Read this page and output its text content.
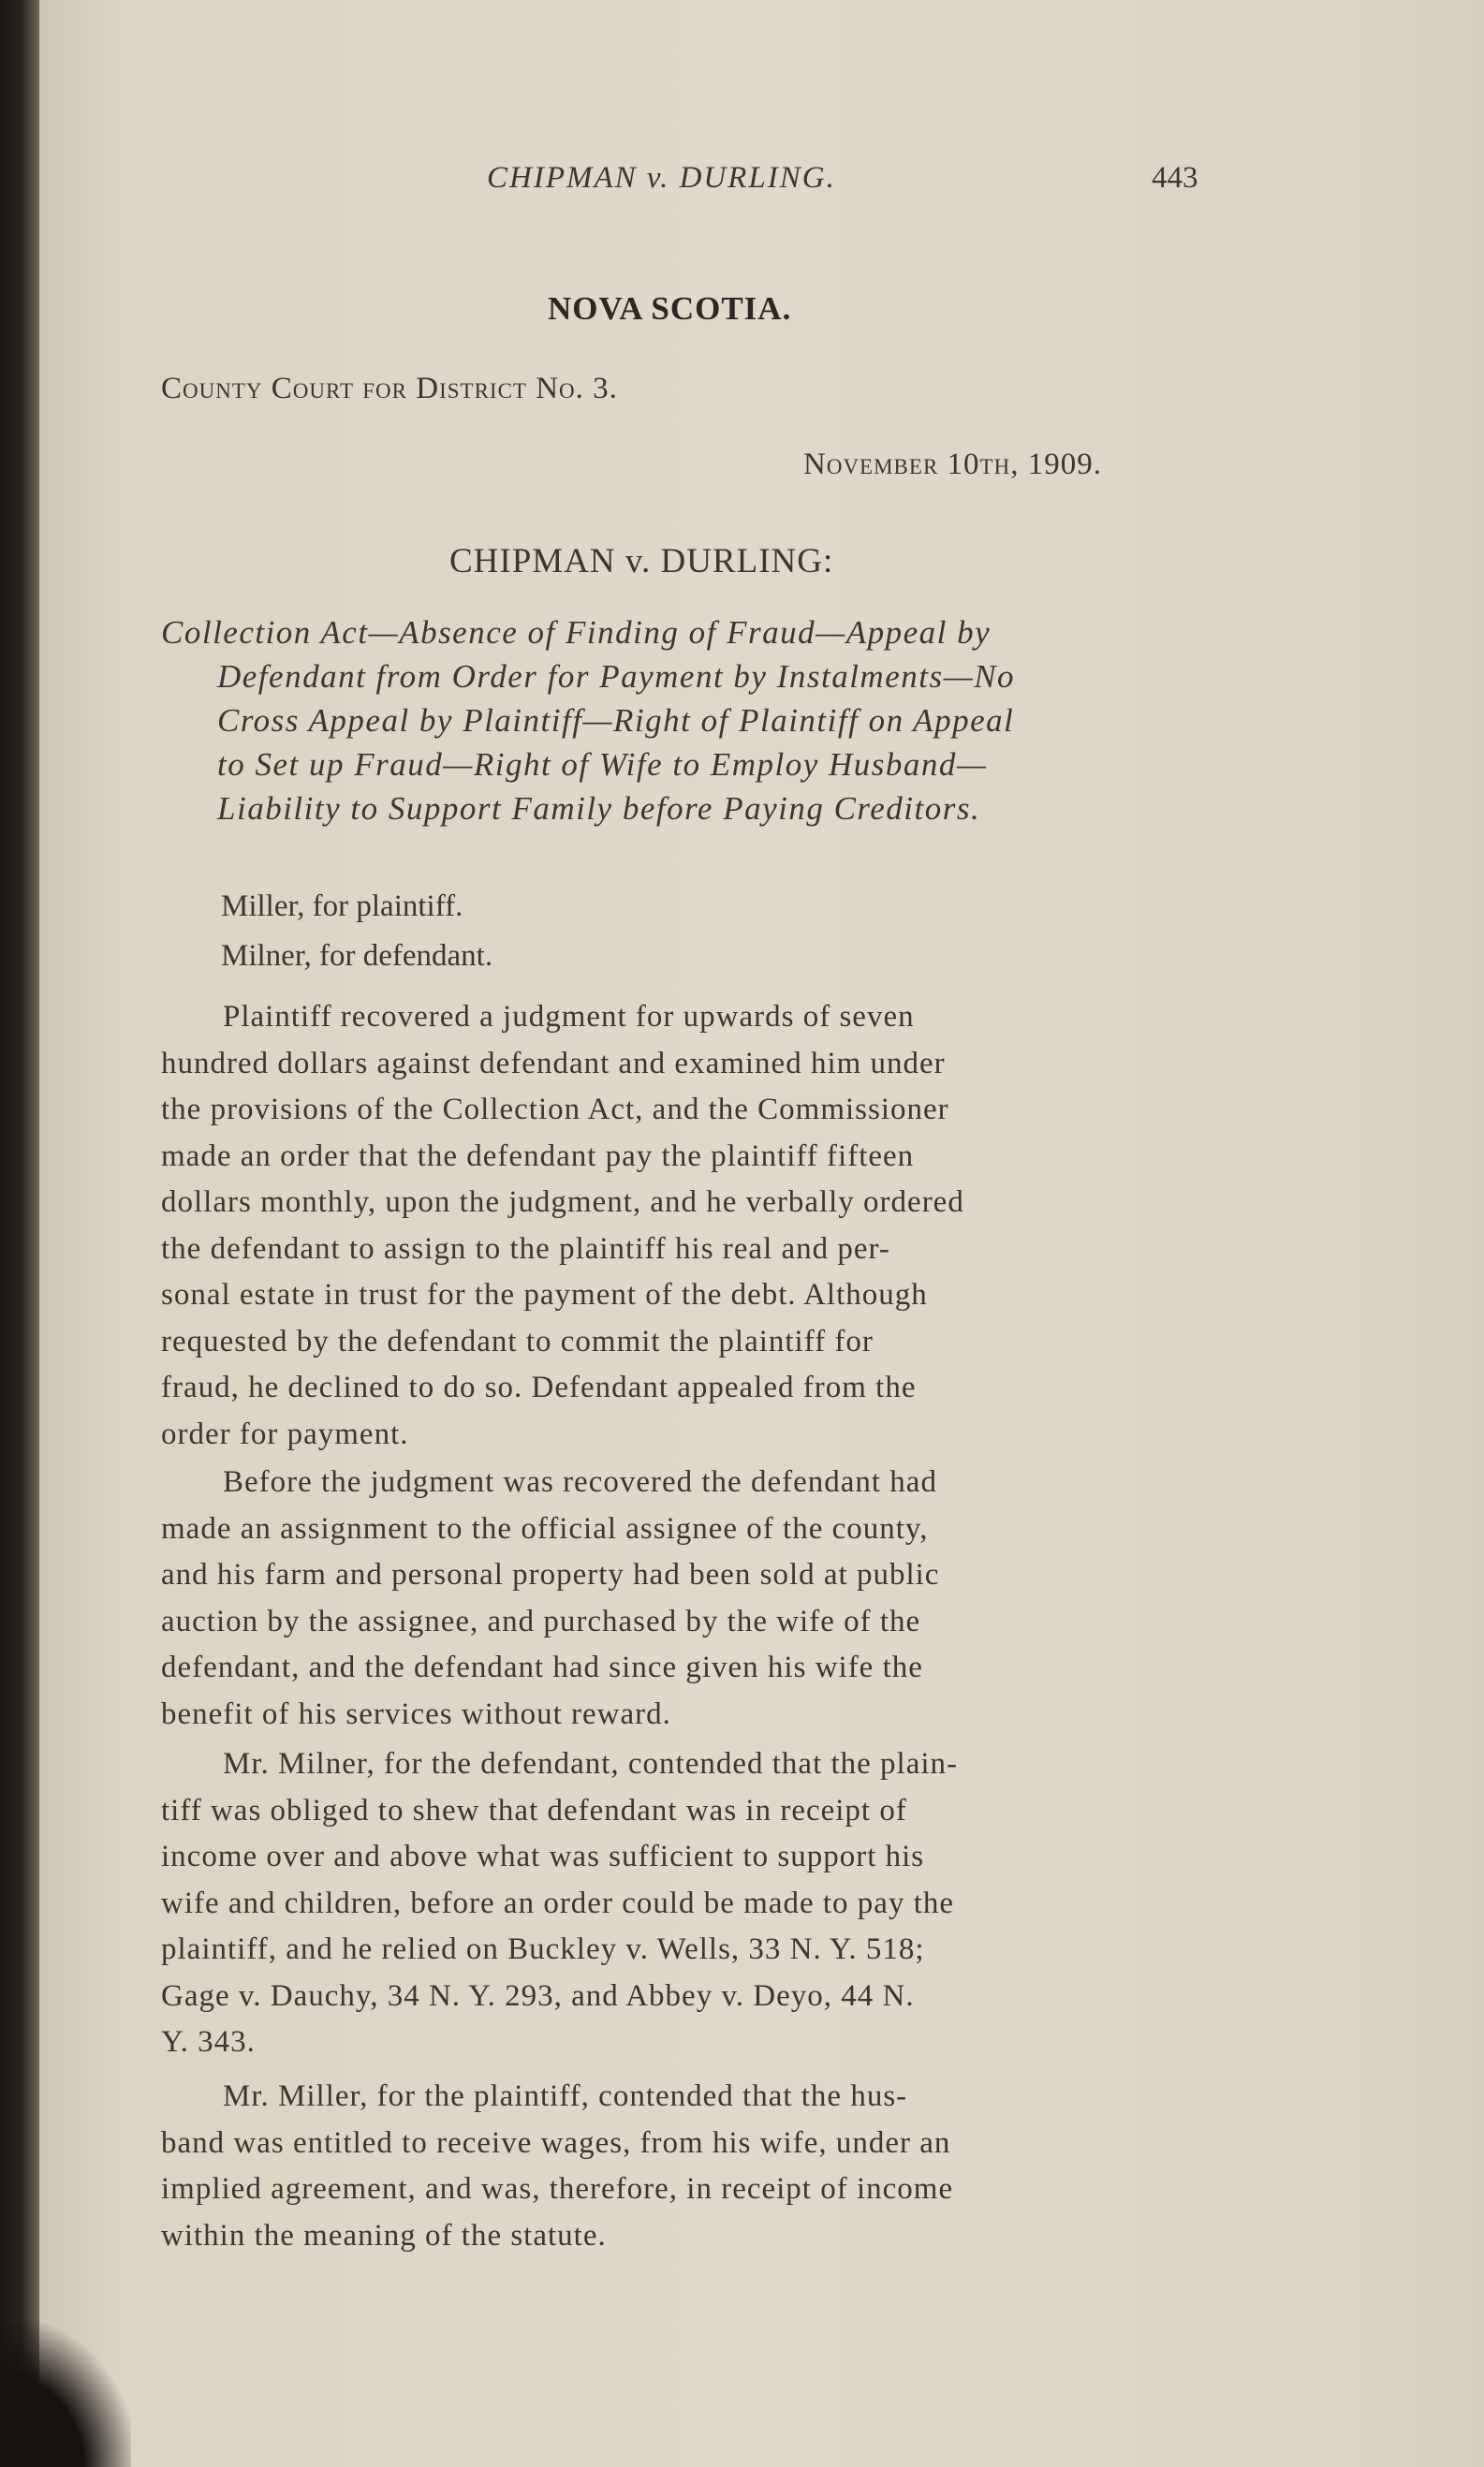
CHIPMAN v. DURLING.	443
NOVA SCOTIA.
County Court for District No. 3.
November 10th, 1909.
CHIPMAN v. DURLING:
Collection Act—Absence of Finding of Fraud—Appeal by
Defendant from Order for Payment by Instalments—No
Cross Appeal by Plaintiff—Right of Plaintiff on Appeal
to Set up Fraud—Right of Wife to Employ Husband—
Liability to Support Family before Paying Creditors.
Miller, for plaintiff.
Milner, for defendant.
Plaintiff recovered a judgment for upwards of seven
hundred dollars against defendant and examined him under
the provisions of the Collection Act, and the Commissioner
made an order that the defendant pay the plaintiff fifteen
dollars monthly, upon the judgment, and he verbally ordered
the defendant to assign to the plaintiff his real and per-
sonal estate in trust for the payment of the debt. Although
requested by the defendant to commit the plaintiff for
fraud, he declined to do so. Defendant appealed from the
order for payment.
Before the judgment was recovered the defendant had
made an assignment to the official assignee of the county,
and his farm and personal property had been sold at public
auction by the assignee, and purchased by the wife of the
defendant, and the defendant had since given his wife the
benefit of his services without reward.
Mr. Milner, for the defendant, contended that the plain-
tiff was obliged to shew that defendant was in receipt of
income over and above what was sufficient to support his
wife and children, before an order could be made to pay the
plaintiff, and he relied on Buckley v. Wells, 33 N. Y. 518;
Gage v. Dauchy, 34 N. Y. 293, and Abbey v. Deyo, 44 N.
Y. 343.
Mr. Miller, for the plaintiff, contended that the hus-
band was entitled to receive wages, from his wife, under an
implied agreement, and was, therefore, in receipt of income
within the meaning of the statute.
